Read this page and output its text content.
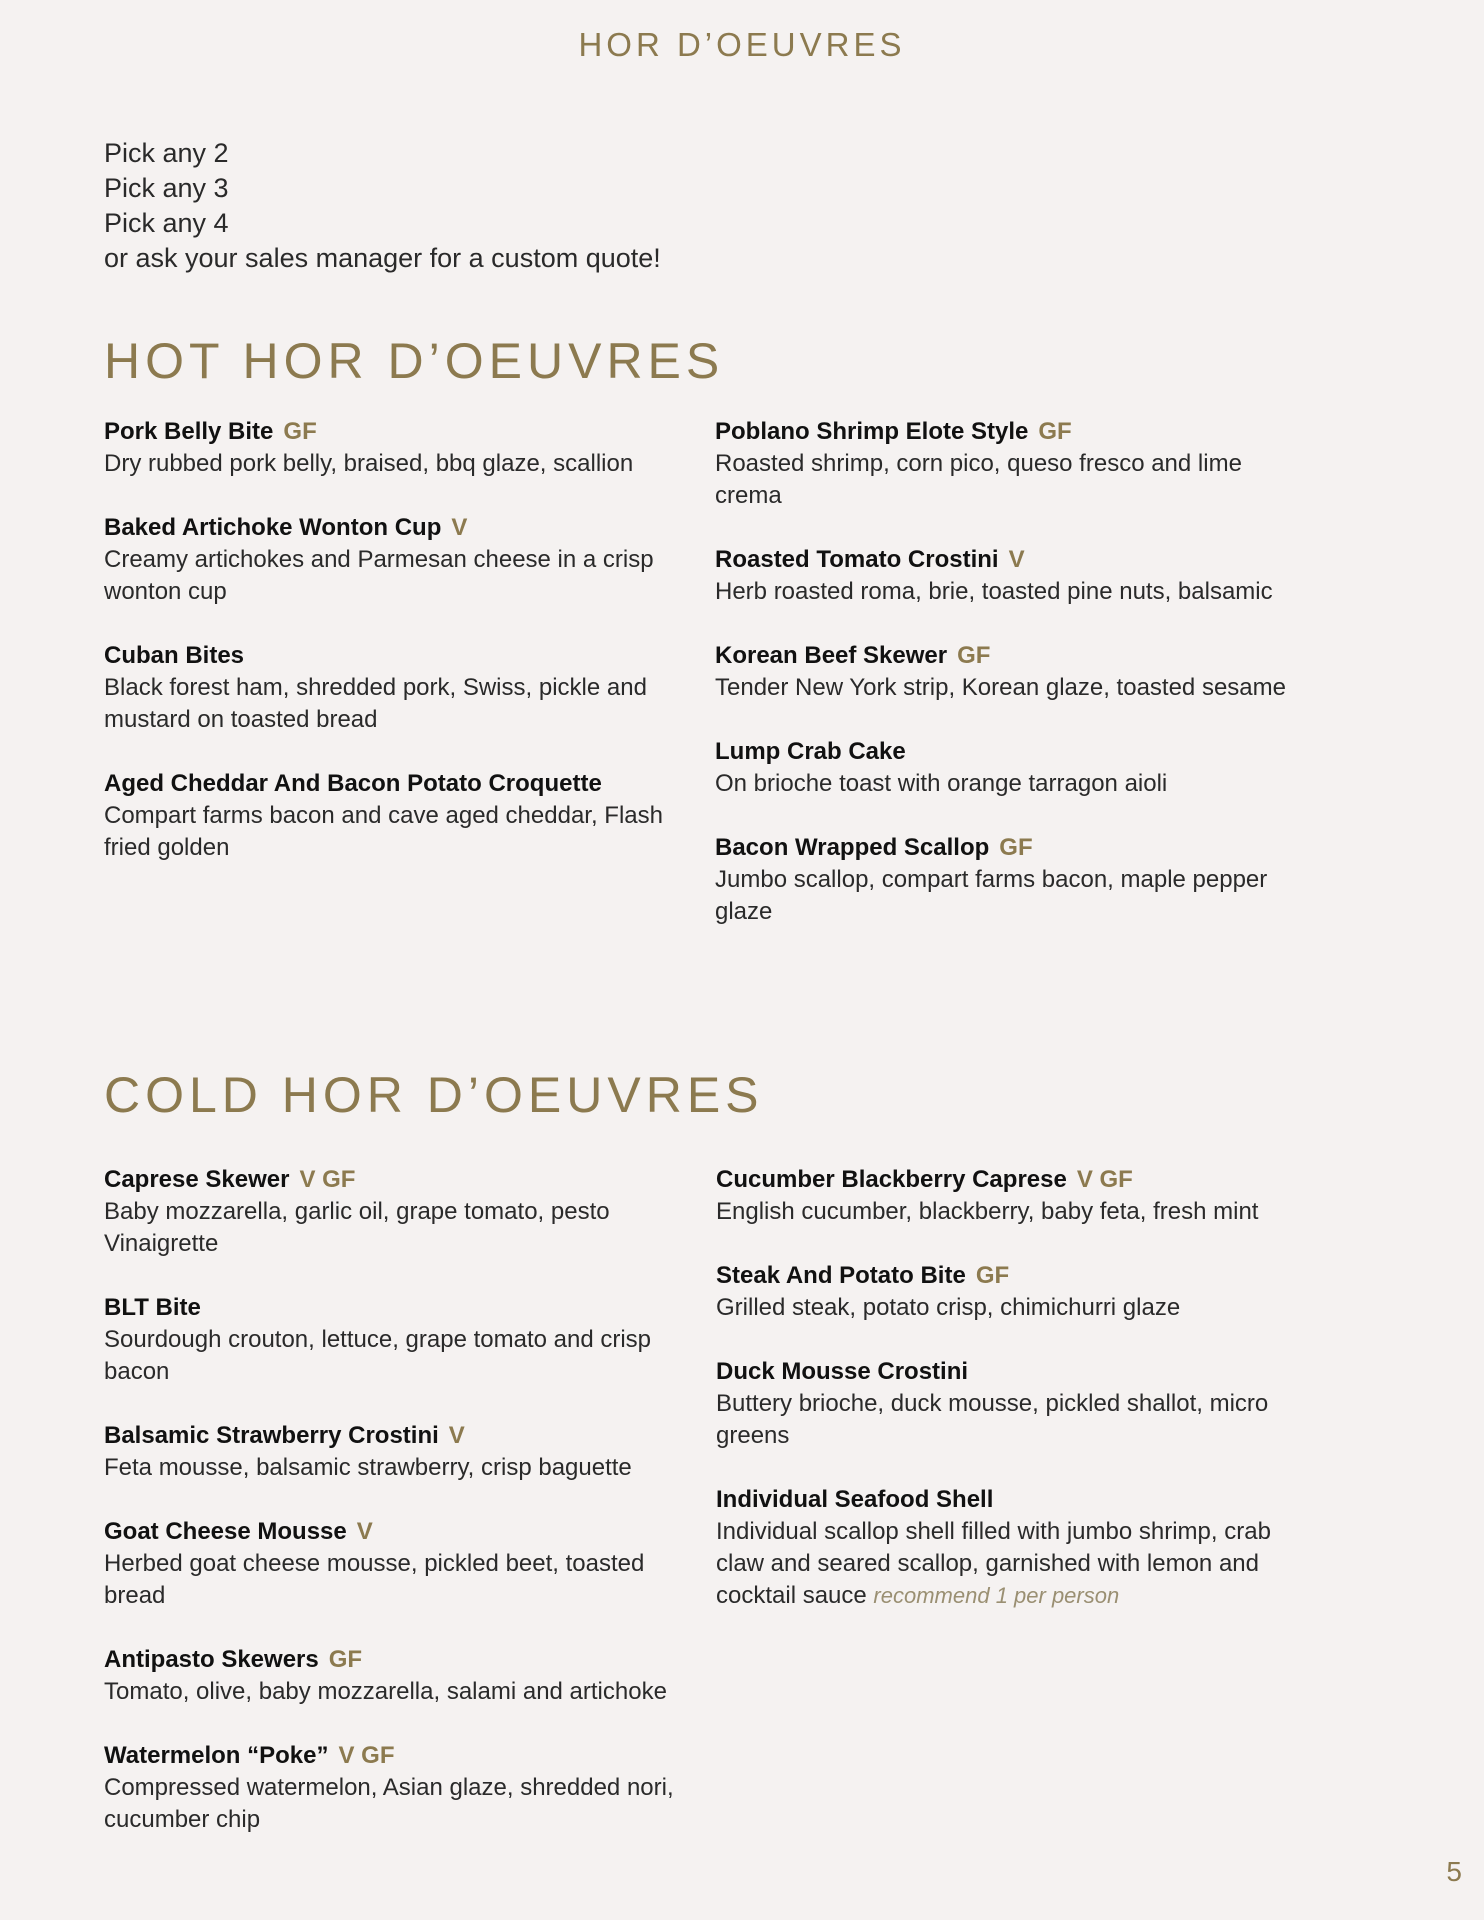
HOR D’OEUVRES
Pick any 2
Pick any 3
Pick any 4
or ask your sales manager for a custom quote!
HOT HOR D’OEUVRES
Pork Belly Bite GF
Dry rubbed pork belly, braised, bbq glaze, scallion
Baked Artichoke Wonton Cup V
Creamy artichokes and Parmesan cheese in a crisp wonton cup
Cuban Bites
Black forest ham, shredded pork, Swiss, pickle and mustard on toasted bread
Aged Cheddar And Bacon Potato Croquette
Compart farms bacon and cave aged cheddar, Flash fried golden
Poblano Shrimp Elote Style GF
Roasted shrimp, corn pico, queso fresco and lime crema
Roasted Tomato Crostini V
Herb roasted roma, brie, toasted pine nuts, balsamic
Korean Beef Skewer GF
Tender New York strip, Korean glaze, toasted sesame
Lump Crab Cake
On brioche toast with orange tarragon aioli
Bacon Wrapped Scallop GF
Jumbo scallop, compart farms bacon, maple pepper glaze
COLD HOR D’OEUVRES
Caprese Skewer V GF
Baby mozzarella, garlic oil, grape tomato, pesto Vinaigrette
BLT Bite
Sourdough crouton, lettuce, grape tomato and crisp bacon
Balsamic Strawberry Crostini V
Feta mousse, balsamic strawberry, crisp baguette
Goat Cheese Mousse V
Herbed goat cheese mousse, pickled beet, toasted bread
Antipasto Skewers GF
Tomato, olive, baby mozzarella, salami and artichoke
Watermelon “Poke” V GF
Compressed watermelon, Asian glaze, shredded nori, cucumber chip
Cucumber Blackberry Caprese V GF
English cucumber, blackberry, baby feta, fresh mint
Steak And Potato Bite GF
Grilled steak, potato crisp, chimichurri glaze
Duck Mousse Crostini
Buttery brioche, duck mousse, pickled shallot, micro greens
Individual Seafood Shell
Individual scallop shell filled with jumbo shrimp, crab claw and seared scallop, garnished with lemon and cocktail sauce recommend 1 per person
5
